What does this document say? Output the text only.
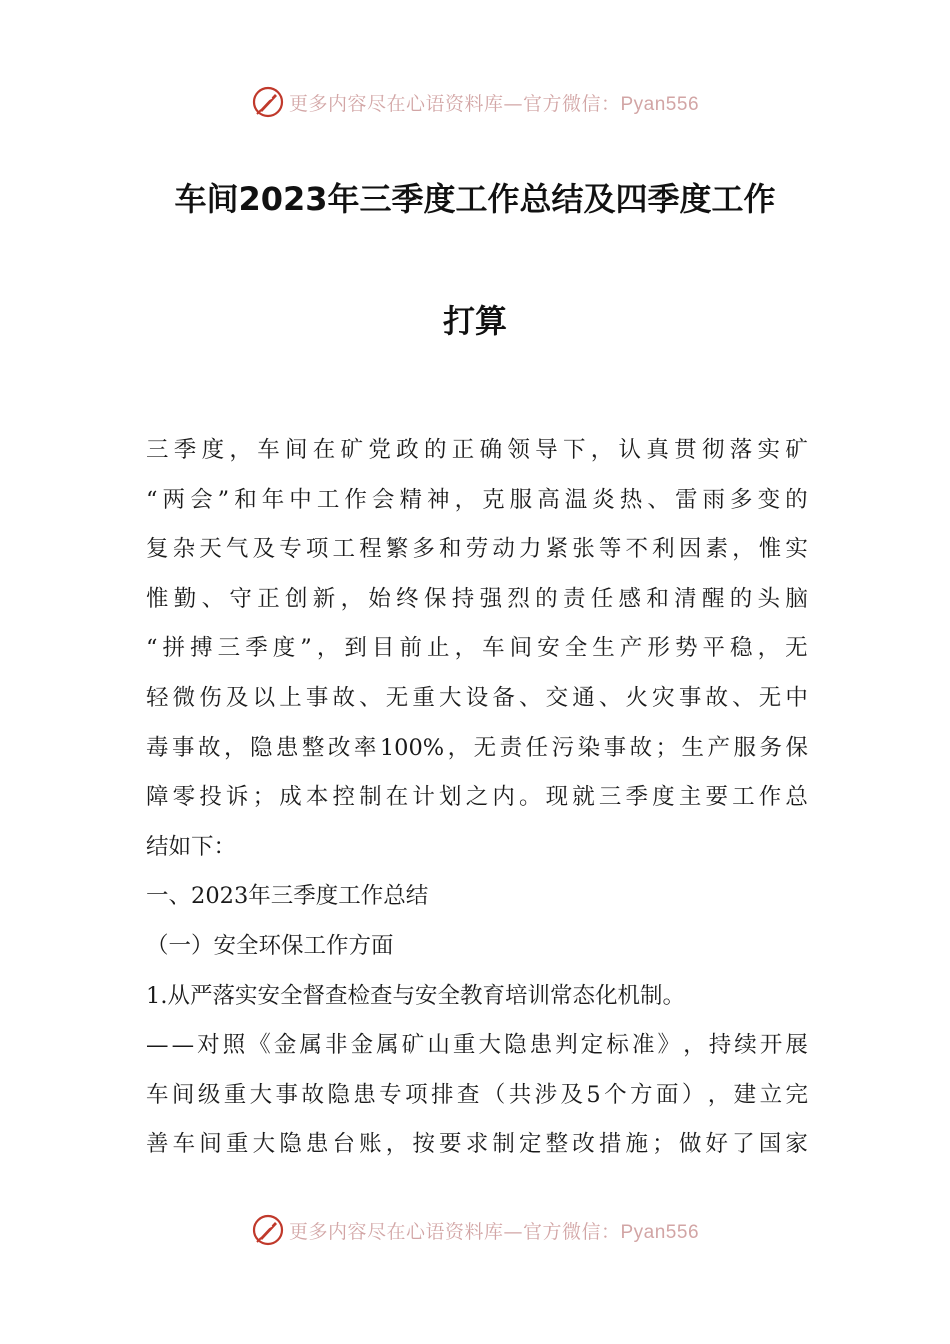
更多内容尽在心语资料库—官方微信：Pyan556
车间2023年三季度工作总结及四季度工作
打算
三 季 度 ， 车 间 在 矿 党 政 的 正 确 领 导 下 ， 认 真 贯 彻 落 实 矿
“ 两 会 ” 和 年 中 工 作 会 精 神 ， 克 服 高 温 炎 热 、 雷 雨 多 变 的
复 杂 天 气 及 专 项 工 程 繁 多 和 劳 动 力 紧 张 等 不 利 因 素 ， 惟 实
惟 勤 、 守 正 创 新 ， 始 终 保 持 强 烈 的 责 任 感 和 清 醒 的 头 脑
“ 拼 搏 三 季 度 ” ， 到 目 前 止 ， 车 间 安 全 生 产 形 势 平 稳 ， 无
轻 微 伤 及 以 上 事 故 、 无 重 大 设 备 、 交 通 、 火 灾 事 故 、 无 中
毒 事 故 ， 隐 患 整 改 率 100% ， 无 责 任 污 染 事 故 ； 生 产 服 务 保
障 零 投 诉 ； 成 本 控 制 在 计 划 之 内 。 现 就 三 季 度 主 要 工 作 总
结如下：
一、2023年三季度工作总结
（一）安全环保工作方面
1.从严落实安全督查检查与安全教育培训常态化机制。
— — 对 照 《 金 属 非 金 属 矿 山 重 大 隐 患 判 定 标 准 》 ， 持 续 开 展
车 间 级 重 大 事 故 隐 患 专 项 排 查 （ 共 涉 及 5 个 方 面 ） ， 建 立 完
善 车 间 重 大 隐 患 台 账 ， 按 要 求 制 定 整 改 措 施 ； 做 好 了 国 家
更多内容尽在心语资料库—官方微信：Pyan556
